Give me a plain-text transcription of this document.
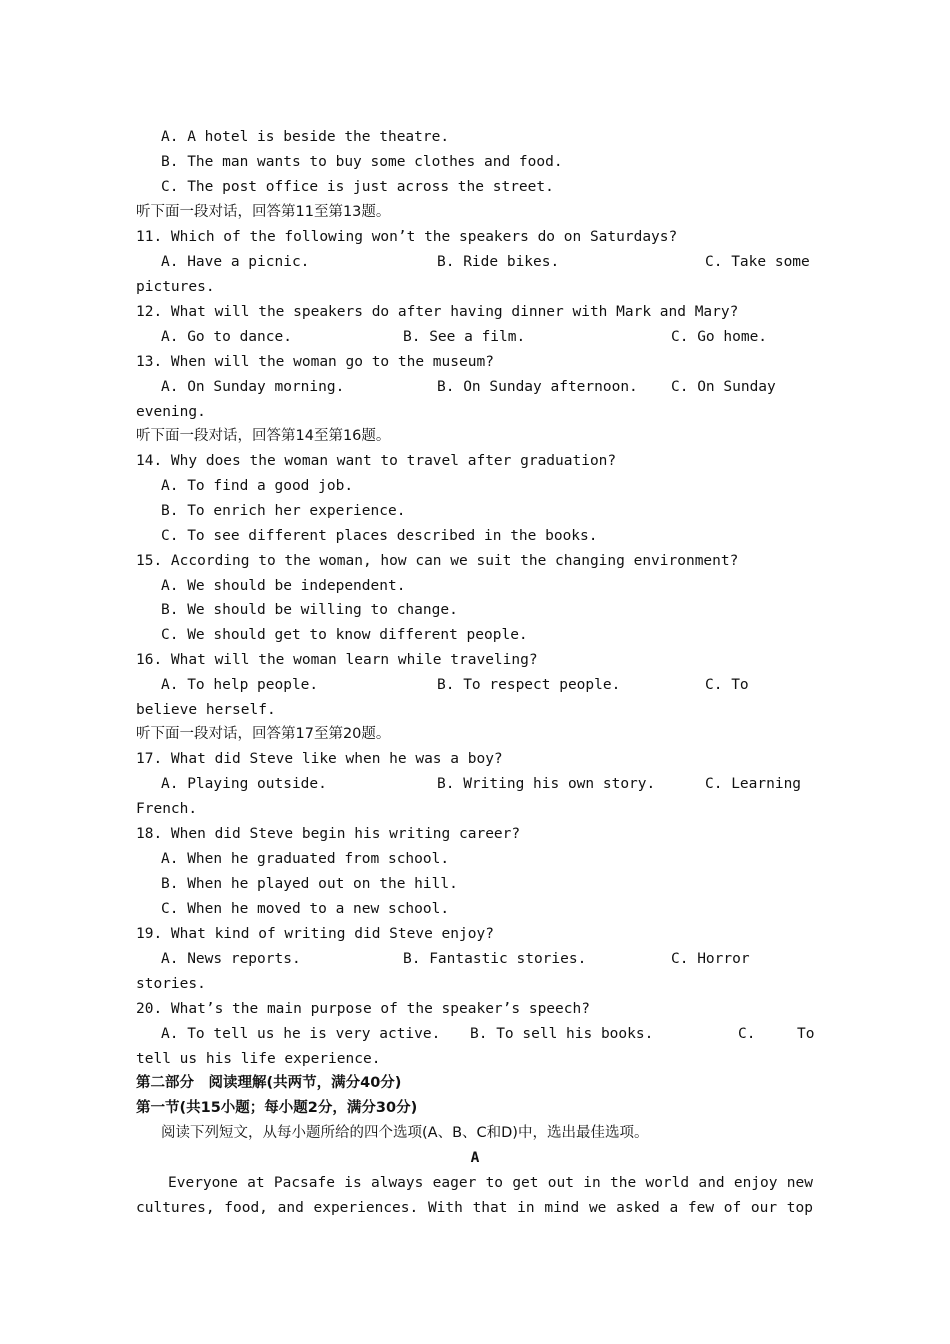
A. A hotel is beside the theatre.
B. The man wants to buy some clothes and food.
C. The post office is just across the street.
听下面一段对话，回答第11至第13题。
11. Which of the following won’t the speakers do on Saturdays?
A. Have a picnic.	B. Ride bikes.	C. Take some
pictures.
12. What will the speakers do after having dinner with Mark and Mary?
A. Go to dance.	B. See a film.	C. Go home.
13. When will the woman go to the museum?
A. On Sunday morning.	B. On Sunday afternoon. C. On Sunday
evening.
听下面一段对话，回答第14至第16题。
14. Why does the woman want to travel after graduation?
A. To find a good job.
B. To enrich her experience.
C. To see different places described in the books.
15. According to the woman, how can we suit the changing environment?
A. We should be independent.
B. We should be willing to change.
C. We should get to know different people.
16. What will the woman learn while traveling?
A. To help people.	B. To respect people.	C. To
believe herself.
听下面一段对话，回答第17至第20题。
17. What did Steve like when he was a boy?
A. Playing outside.	B. Writing his own story.	C. Learning
French.
18. When did Steve begin his writing career?
A. When he graduated from school.
B. When he played out on the hill.
C. When he moved to a new school.
19. What kind of writing did Steve enjoy?
A. News reports.	B. Fantastic stories.	C. Horror
stories.
20. What’s the main purpose of the speaker’s speech?
A. To tell us he is very active. B. To sell his books.	C.	To
tell us his life experience.
第二部分　阅读理解(共两节，满分40分)
第一节(共15小题；每小题2分，满分30分)
阅读下列短文，从每小题所给的四个选项(A、B、C和D)中，选出最佳选项。
A
Everyone at Pacsafe is always eager to get out in the world and enjoy new
cultures, food, and experiences. With that in mind we asked a few of our top
